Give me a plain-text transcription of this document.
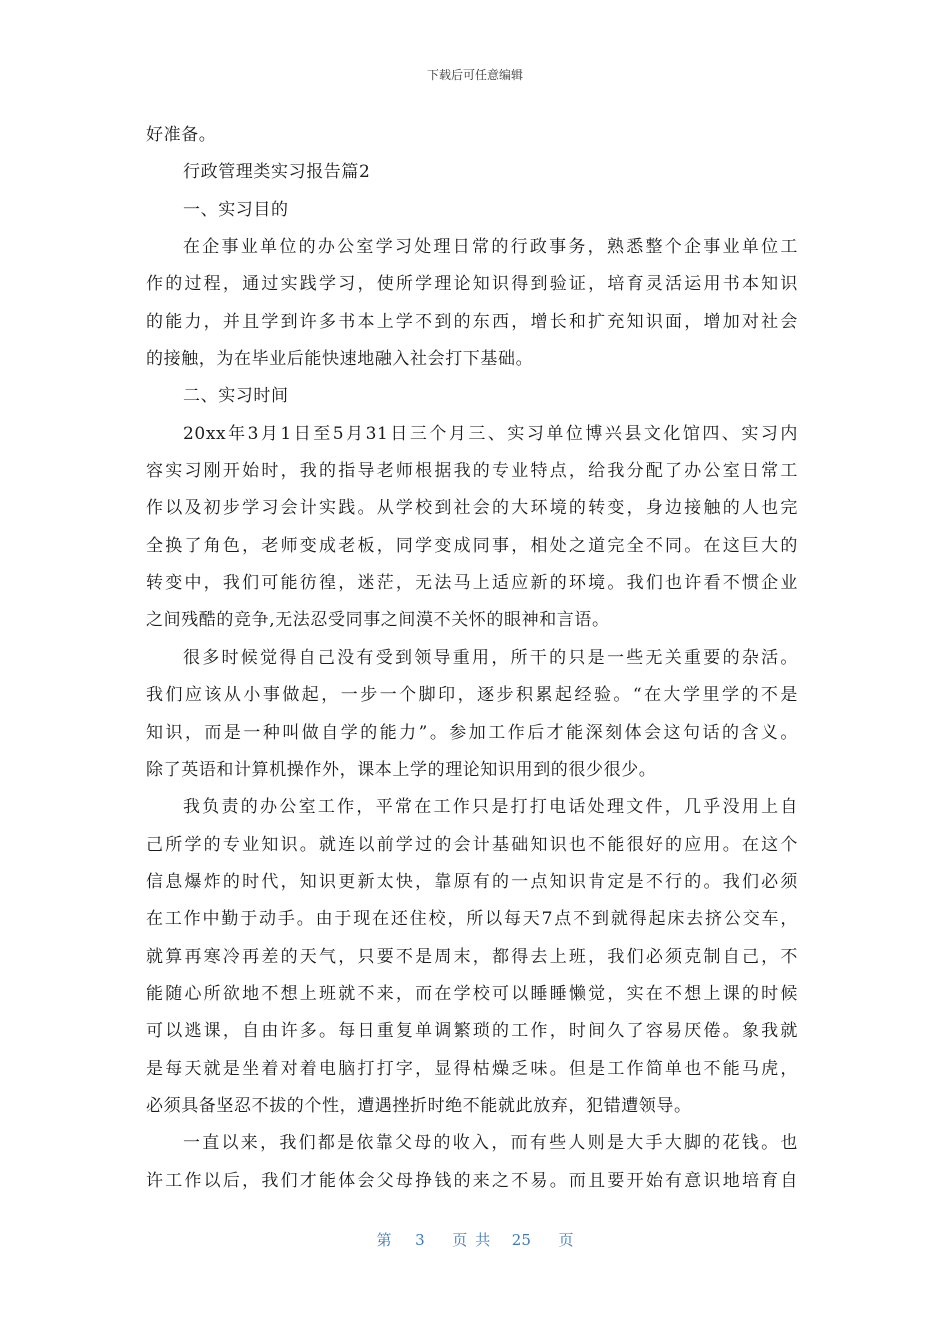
下载后可任意编辑
好准备。
行政管理类实习报告篇2
一、实习目的
在企事业单位的办公室学习处理日常的行政事务，熟悉整个企事业单位工
作的过程，通过实践学习，使所学理论知识得到验证，培育灵活运用书本知识
的能力，并且学到许多书本上学不到的东西，增长和扩充知识面，增加对社会
的接触，为在毕业后能快速地融入社会打下基础。
二、实习时间
20xx年3月1日至5月31日三个月三、实习单位博兴县文化馆四、实习内
容实习刚开始时，我的指导老师根据我的专业特点，给我分配了办公室日常工
作以及初步学习会计实践。从学校到社会的大环境的转变，身边接触的人也完
全换了角色，老师变成老板，同学变成同事，相处之道完全不同。在这巨大的
转变中，我们可能彷徨，迷茫，无法马上适应新的环境。我们也许看不惯企业
之间残酷的竞争,无法忍受同事之间漠不关怀的眼神和言语。
很多时候觉得自己没有受到领导重用，所干的只是一些无关重要的杂活。
我们应该从小事做起，一步一个脚印，逐步积累起经验。“在大学里学的不是
知识，而是一种叫做自学的能力”。参加工作后才能深刻体会这句话的含义。
除了英语和计算机操作外，课本上学的理论知识用到的很少很少。
我负责的办公室工作，平常在工作只是打打电话处理文件，几乎没用上自
己所学的专业知识。就连以前学过的会计基础知识也不能很好的应用。在这个
信息爆炸的时代，知识更新太快，靠原有的一点知识肯定是不行的。我们必须
在工作中勤于动手。由于现在还住校，所以每天7点不到就得起床去挤公交车，
就算再寒冷再差的天气，只要不是周末，都得去上班，我们必须克制自己，不
能随心所欲地不想上班就不来，而在学校可以睡睡懒觉，实在不想上课的时候
可以逃课，自由许多。每日重复单调繁琐的工作，时间久了容易厌倦。象我就
是每天就是坐着对着电脑打打字，显得枯燥乏味。但是工作简单也不能马虎，
必须具备坚忍不拔的个性，遭遇挫折时绝不能就此放弃，犯错遭领导。
一直以来，我们都是依靠父母的收入，而有些人则是大手大脚的花钱。也
许工作以后，我们才能体会父母挣钱的来之不易。而且要开始有意识地培育自
第 3 页共 25 页
